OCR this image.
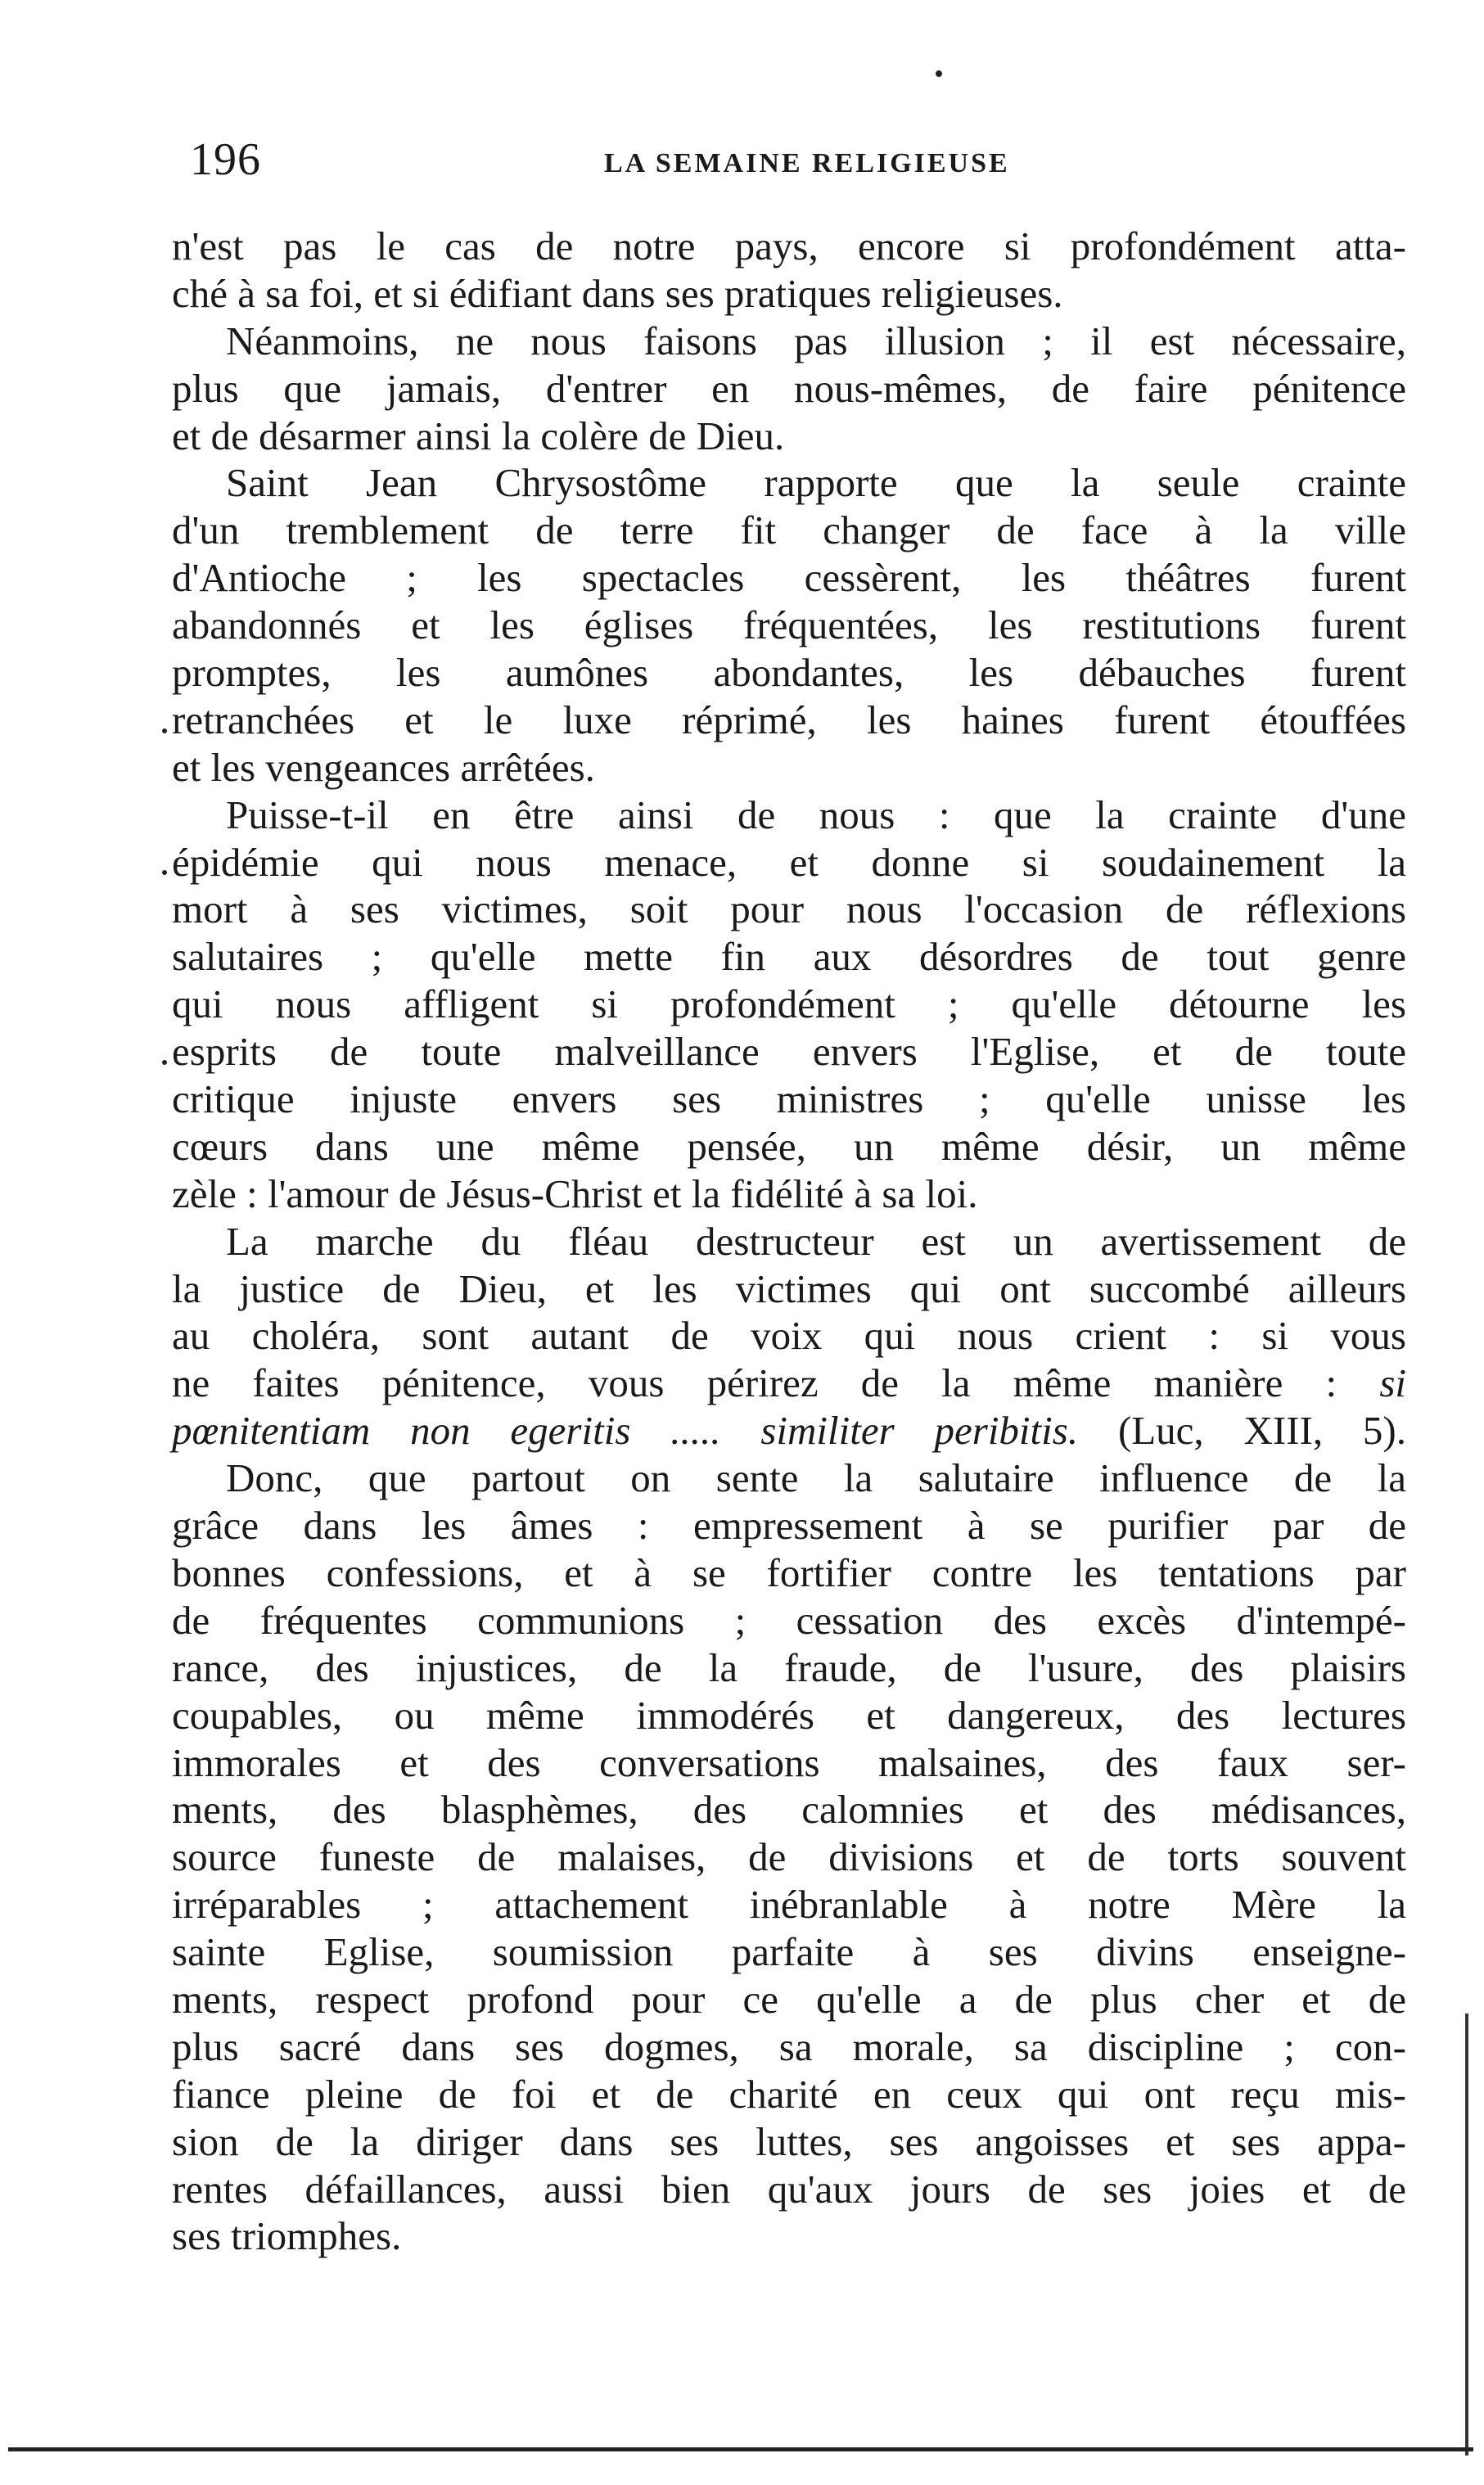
196	LA SEMAINE RELIGIEUSE
n'est pas le cas de notre pays, encore si profondément atta-
ché à sa foi, et si édifiant dans ses pratiques religieuses.
Néanmoins, ne nous faisons pas illusion ; il est nécessaire,
plus que jamais, d'entrer en nous-mêmes, de faire pénitence
et de désarmer ainsi la colère de Dieu.
Saint Jean Chrysostôme rapporte que la seule crainte
d'un tremblement de terre fit changer de face à la ville
d'Antioche ; les spectacles cessèrent, les théâtres furent
abandonnés et les églises fréquentées, les restitutions furent
promptes, les aumônes abondantes, les débauches furent
retranchées et le luxe réprimé, les haines furent étouffées
et les vengeances arrêtées.
Puisse-t-il en être ainsi de nous : que la crainte d'une
épidémie qui nous menace, et donne si soudainement la
mort à ses victimes, soit pour nous l'occasion de réflexions
salutaires ; qu'elle mette fin aux désordres de tout genre
qui nous affligent si profondément ; qu'elle détourne les
esprits de toute malveillance envers l'Eglise, et de toute
critique injuste envers ses ministres ; qu'elle unisse les
cœurs dans une même pensée, un même désir, un même
zèle : l'amour de Jésus-Christ et la fidélité à sa loi.
La marche du fléau destructeur est un avertissement de
la justice de Dieu, et les victimes qui ont succombé ailleurs
au choléra, sont autant de voix qui nous crient : si vous
ne faites pénitence, vous périrez de la même manière : si
pœnitentiam non egeritis ..... similiter peribitis. (Luc, XIII, 5).
Donc, que partout on sente la salutaire influence de la
grâce dans les âmes : empressement à se purifier par de
bonnes confessions, et à se fortifier contre les tentations par
de fréquentes communions ; cessation des excès d'intempé-
rance, des injustices, de la fraude, de l'usure, des plaisirs
coupables, ou même immodérés et dangereux, des lectures
immorales et des conversations malsaines, des faux ser-
ments, des blasphèmes, des calomnies et des médisances,
source funeste de malaises, de divisions et de torts souvent
irréparables ; attachement inébranlable à notre Mère la
sainte Eglise, soumission parfaite à ses divins enseigne-
ments, respect profond pour ce qu'elle a de plus cher et de
plus sacré dans ses dogmes, sa morale, sa discipline ; con-
fiance pleine de foi et de charité en ceux qui ont reçu mis-
sion de la diriger dans ses luttes, ses angoisses et ses appa-
rentes défaillances, aussi bien qu'aux jours de ses joies et de
ses triomphes.
